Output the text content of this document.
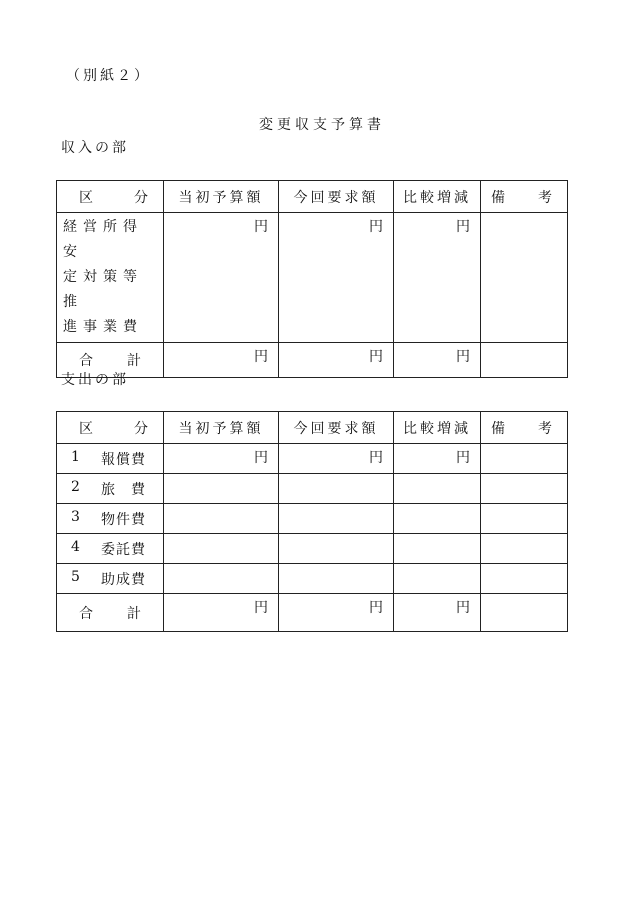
（別紙２）
変更収支予算書
収入の部
区 分	当初予算額	今回要求額	比較増減	備 考

経営所得安
定対策等推
進事業費	円	円	円	

合 計	円	円	円	
支出の部
区 分	当初予算額	今回要求額	比較増減	備 考

1 報償費	円	円	円	

2 旅　費				

3 物件費				

4 委託費				

5 助成費				

合 計	円	円	円	
